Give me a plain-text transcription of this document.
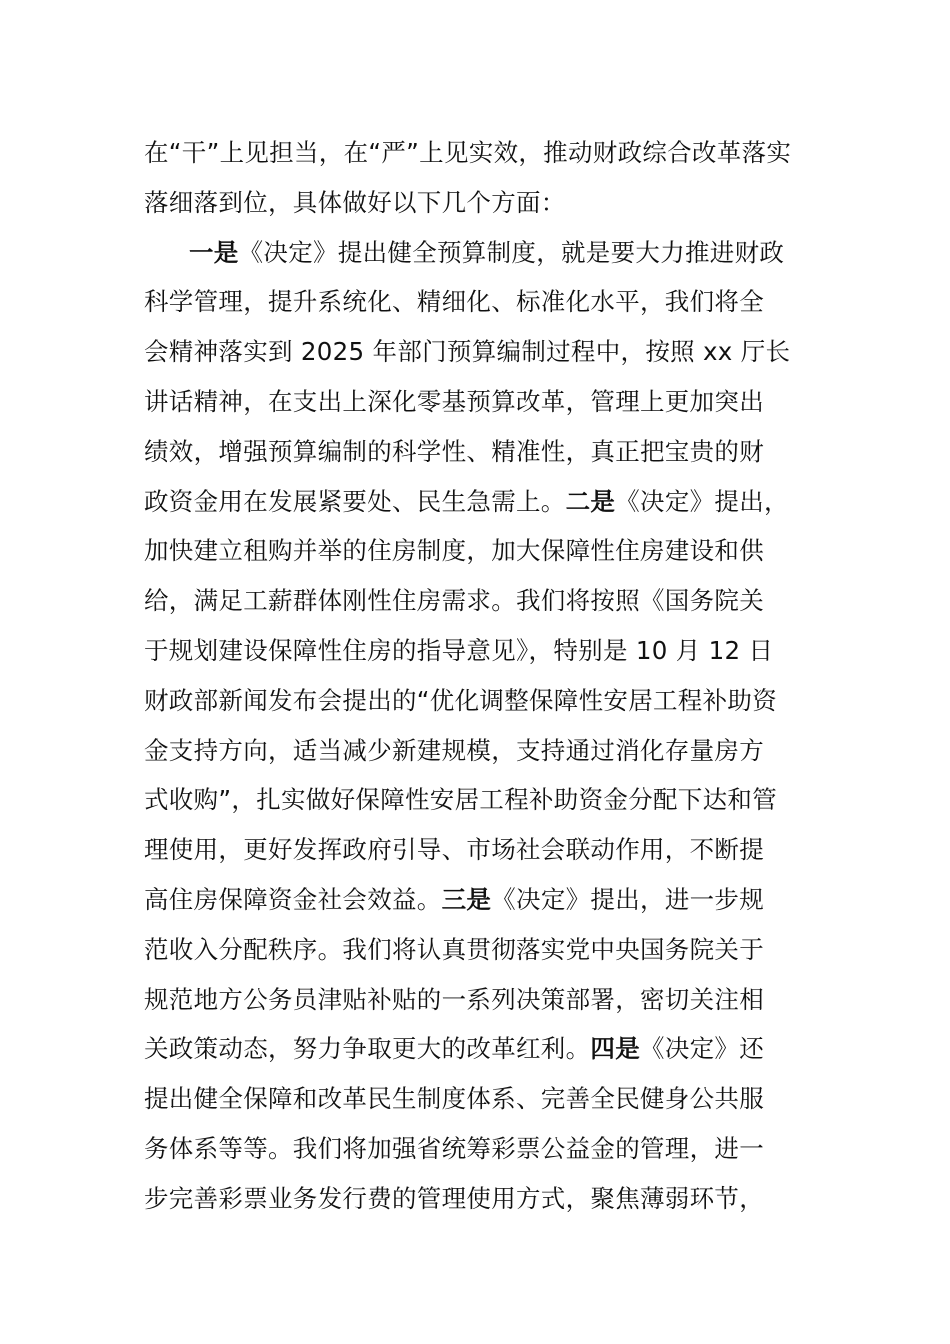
在“干”上见担当，在“严”上见实效，推动财政综合改革落实
落细落到位，具体做好以下几个方面：
一是《决定》提出健全预算制度，就是要大力推进财政
科学管理，提升系统化、精细化、标准化水平，我们将全
会精神落实到 2025 年部门预算编制过程中，按照 xx 厅长
讲话精神，在支出上深化零基预算改革，管理上更加突出
绩效，增强预算编制的科学性、精准性，真正把宝贵的财
政资金用在发展紧要处、民生急需上。二是《决定》提出，
加快建立租购并举的住房制度，加大保障性住房建设和供
给，满足工薪群体刚性住房需求。我们将按照《国务院关
于规划建设保障性住房的指导意见》，特别是 10 月 12 日
财政部新闻发布会提出的“优化调整保障性安居工程补助资
金支持方向，适当减少新建规模，支持通过消化存量房方
式收购”，扎实做好保障性安居工程补助资金分配下达和管
理使用，更好发挥政府引导、市场社会联动作用，不断提
高住房保障资金社会效益。三是《决定》提出，进一步规
范收入分配秩序。我们将认真贯彻落实党中央国务院关于
规范地方公务员津贴补贴的一系列决策部署，密切关注相
关政策动态，努力争取更大的改革红利。四是《决定》还
提出健全保障和改革民生制度体系、完善全民健身公共服
务体系等等。我们将加强省统筹彩票公益金的管理，进一
步完善彩票业务发行费的管理使用方式，聚焦薄弱环节，
